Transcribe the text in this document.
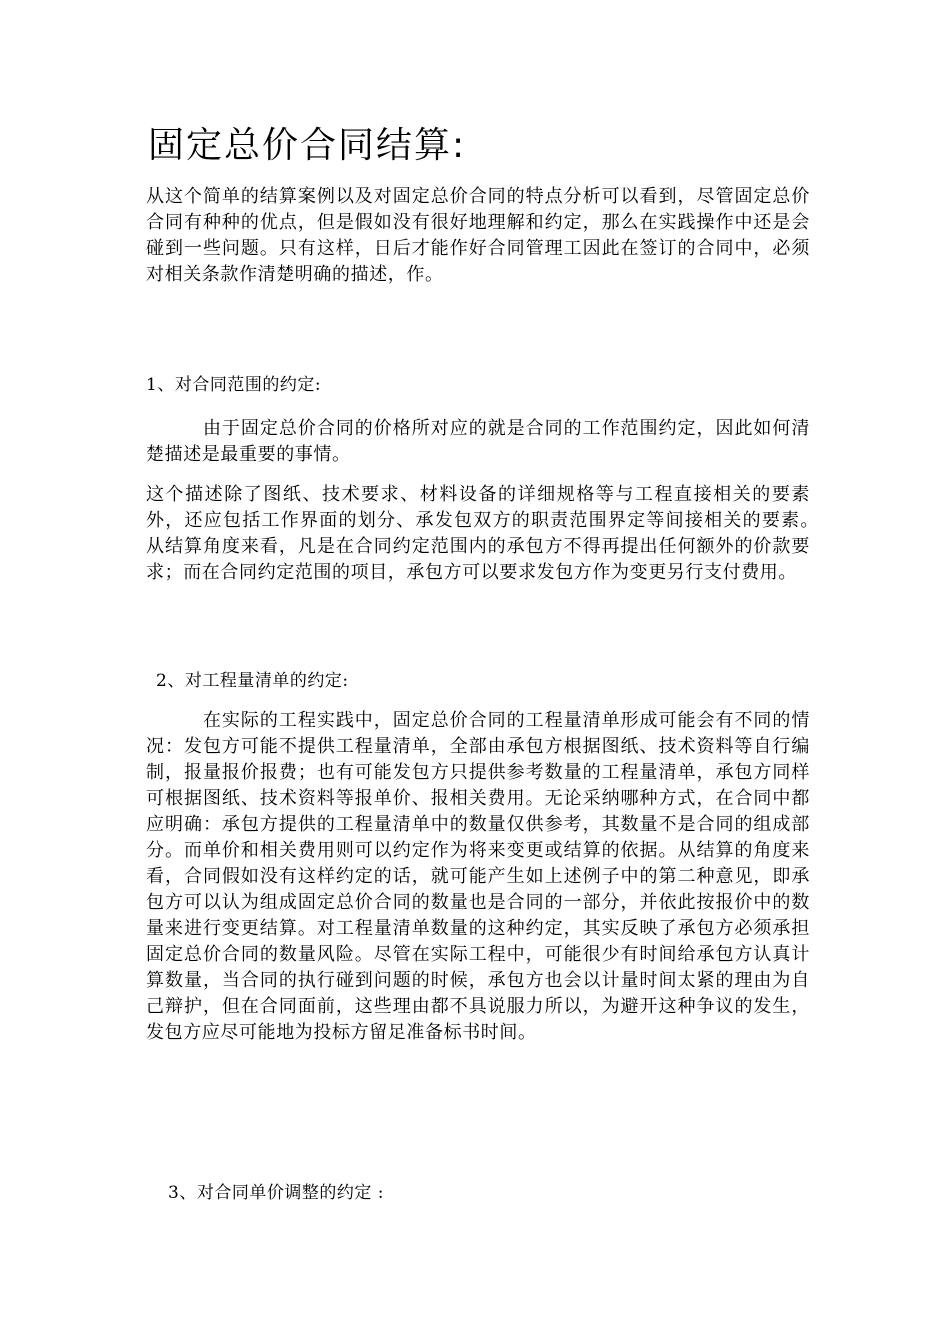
固定总价合同结算:

从这个简单的结算案例以及对固定总价合同的特点分析可以看到，尽管固定总价合同有种种的优点，但是假如没有很好地理解和约定，那么在实践操作中还是会碰到一些问题。只有这样，日后才能作好合同管理工因此在签订的合同中，必须对相关条款作清楚明确的描述，作。

1、对合同范围的约定:

　　　由于固定总价合同的价格所对应的就是合同的工作范围约定，因此如何清楚描述是最重要的事情。

这个描述除了图纸、技术要求、材料设备的详细规格等与工程直接相关的要素外，还应包括工作界面的划分、承发包双方的职责范围界定等间接相关的要素。　　从结算角度来看，凡是在合同约定范围内的承包方不得再提出任何额外的价款要求；而在合同约定范围的项目，承包方可以要求发包方作为变更另行支付费用。

2、对工程量清单的约定:

　　　在实际的工程实践中，固定总价合同的工程量清单形成可能会有不同的情况：发包方可能不提供工程量清单，全部由承包方根据图纸、技术资料等自行编制，报量报价报费；也有可能发包方只提供参考数量的工程量清单，承包方同样可根据图纸、技术资料等报单价、报相关费用。无论采纳哪种方式，在合同中都应明确：承包方提供的工程量清单中的数量仅供参考，其数量不是合同的组成部分。而单价和相关费用则可以约定作为将来变更或结算的依据。从结算的角度来看，合同假如没有这样约定的话，就可能产生如上述例子中的第二种意见，即承包方可以认为组成固定总价合同的数量也是合同的一部分，并依此按报价中的数量来进行变更结算。对工程量清单数量的这种约定，其实反映了承包方必须承担固定总价合同的数量风险。尽管在实际工程中，可能很少有时间给承包方认真计算数量，当合同的执行碰到问题的时候，承包方也会以计量时间太紧的理由为自己辩护，但在合同面前，这些理由都不具说服力所以，为避开这种争议的发生，发包方应尽可能地为投标方留足准备标书时间。

3、对合同单价调整的约定 :
